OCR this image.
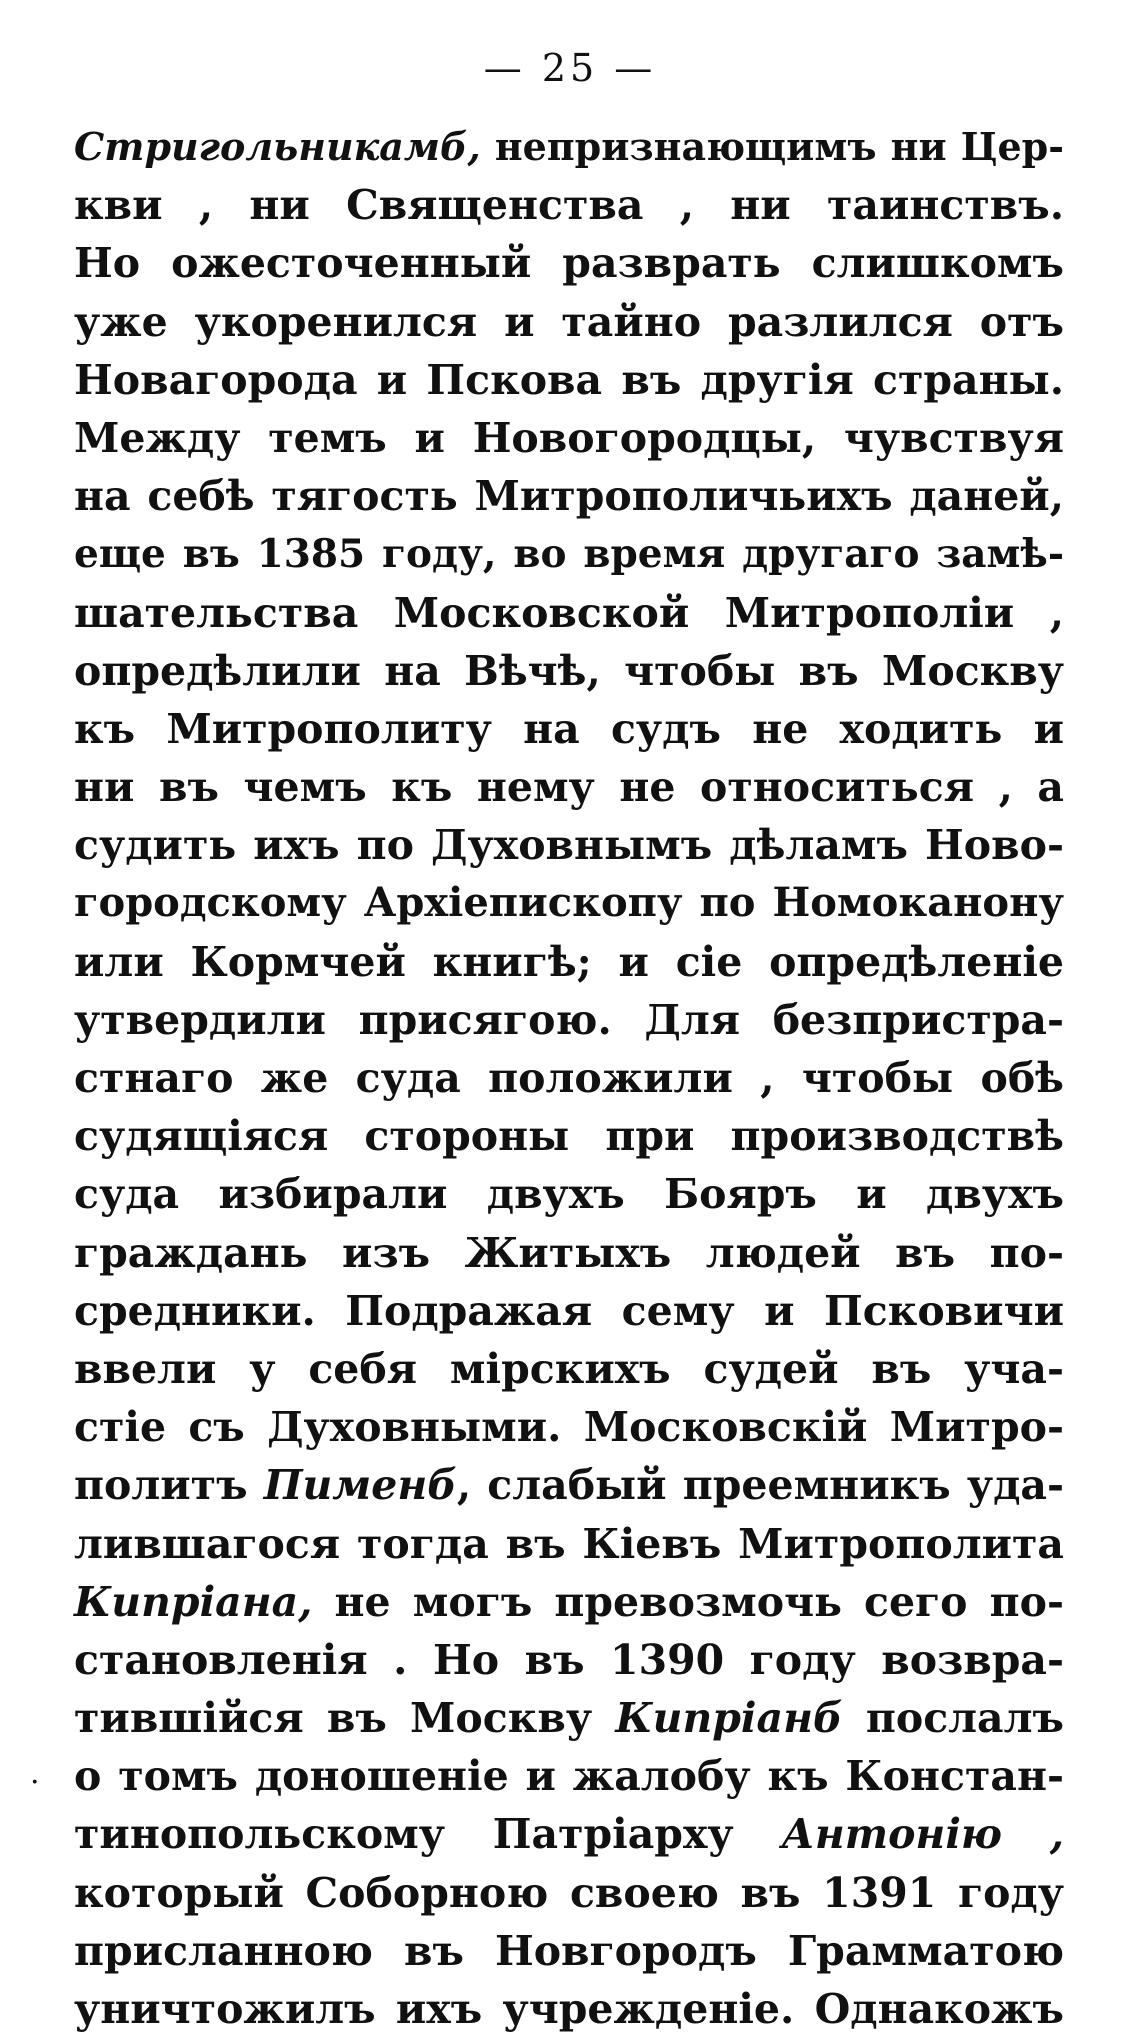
— 25 —
Стригольникамб, непризнающимъ ни Цер-
кви , ни Священства , ни таинствъ.
Но ожесточенный разврать слишкомъ
уже укоренился и тайно разлился отъ
Новагорода и Пскова въ другія страны.
Между темъ и Новогородцы, чувствуя
на себѣ тягость Митрополичьихъ даней,
еще въ 1385 году, во время другаго замѣ-
шательства Московской Митрополіи ,
опредѣлили на Вѣчѣ, чтобы въ Москву
къ Митрополиту на судъ не ходить и
ни въ чемъ къ нему не относиться , а
судить ихъ по Духовнымъ дѣламъ Ново-
городскому Архіепископу по Номоканону
или Кормчей книгѣ; и сіе опредѣленіе
утвердили присягою. Для безпристра-
стнаго же суда положили , чтобы обѣ
судящіяся стороны при производствѣ
суда избирали двухъ Бояръ и двухъ
граждань изъ Житыхъ людей въ по-
средники. Подражая сему и Псковичи
ввели у себя мірскихъ судей въ уча-
стіе съ Духовными. Московскій Митро-
политъ Пименб, слабый преемникъ уда-
лившагося тогда въ Кіевъ Митрополита
Кипріана, не могъ превозмочь сего по-
становленія . Но въ 1390 году возвра-
тившійся въ Москву Кипріанб послалъ
о томъ доношеніе и жалобу къ Констан-
тинопольскому Патріарху Антонію ,
который Соборною своею въ 1391 году
присланною въ Новгородъ Грамматою
уничтожилъ ихъ учрежденіе. Однакожъ
·
